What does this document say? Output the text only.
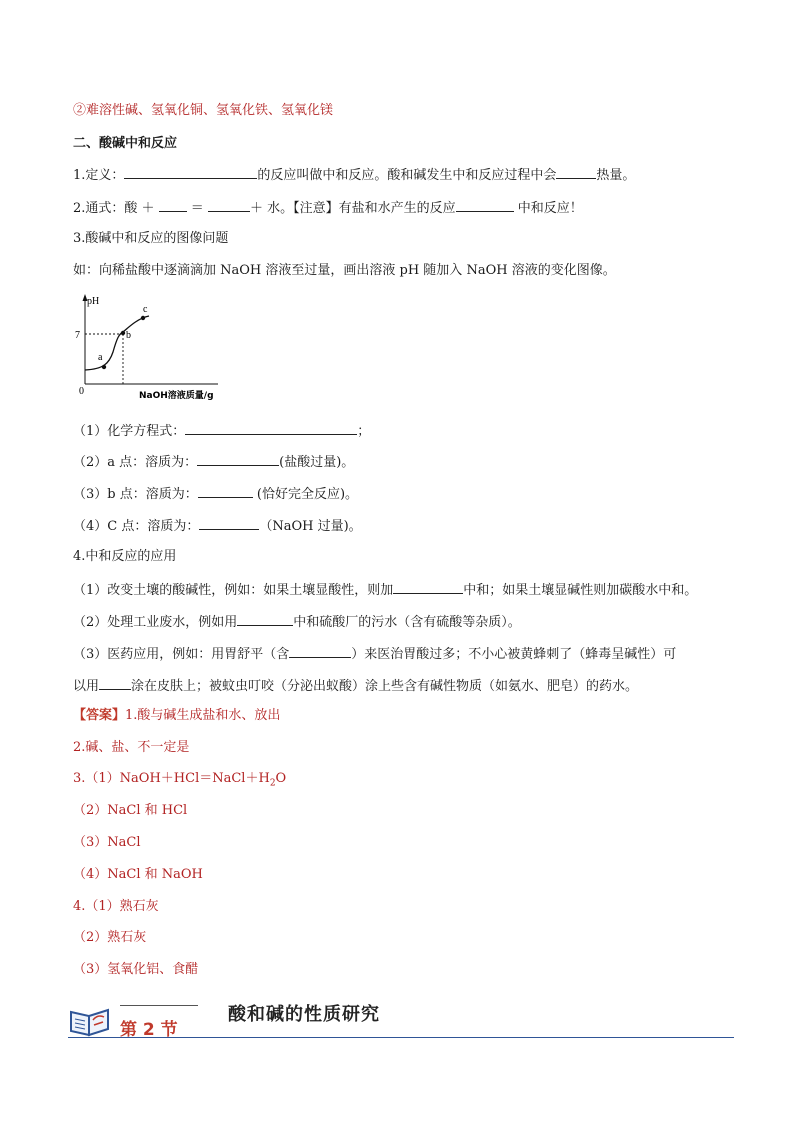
②难溶性碱、氢氧化铜、氢氧化铁、氢氧化镁
二、酸碱中和反应
1.定义：	的反应叫做中和反应。酸和碱发生中和反应过程中会	热量。
2.通式：酸 ＋  ＝	＋ 水。【注意】有盐和水产生的反应	中和反应！
3.酸碱中和反应的图像问题
如：向稀盐酸中逐滴滴加 NaOH 溶液至过量，画出溶液 pH 随加入 NaOH 溶液的变化图像。
pH
7
0
a
b
c
NaOH溶液质量/g
（1）化学方程式：	；
（2）a 点：溶质为：	(盐酸过量)。
（3）b 点：溶质为：	(恰好完全反应)。
（4）C 点：溶质为：	（NaOH 过量)。
4.中和反应的应用
（1）改变土壤的酸碱性，例如：如果土壤显酸性，则加	中和；如果土壤显碱性则加碳酸水中和。
（2）处理工业废水，例如用	中和硫酸厂的污水（含有硫酸等杂质）。
（3）医药应用，例如：用胃舒平（含	）来医治胃酸过多；不小心被黄蜂刺了（蜂毒呈碱性）可
以用 涂在皮肤上；被蚊虫叮咬（分泌出蚁酸）涂上些含有碱性物质（如氨水、肥皂）的药水。
【答案】1.酸与碱生成盐和水、放出
2.碱、盐、不一定是
$3.(1)NaOH+HCl=NaCl+H_2O$
（2）NaCl 和 HCl
（3）NaCl
（4）NaCl 和 NaOH
4.（1）熟石灰
（2）熟石灰
（3）氢氧化铝、食醋
第 2 节
酸和碱的性质研究
